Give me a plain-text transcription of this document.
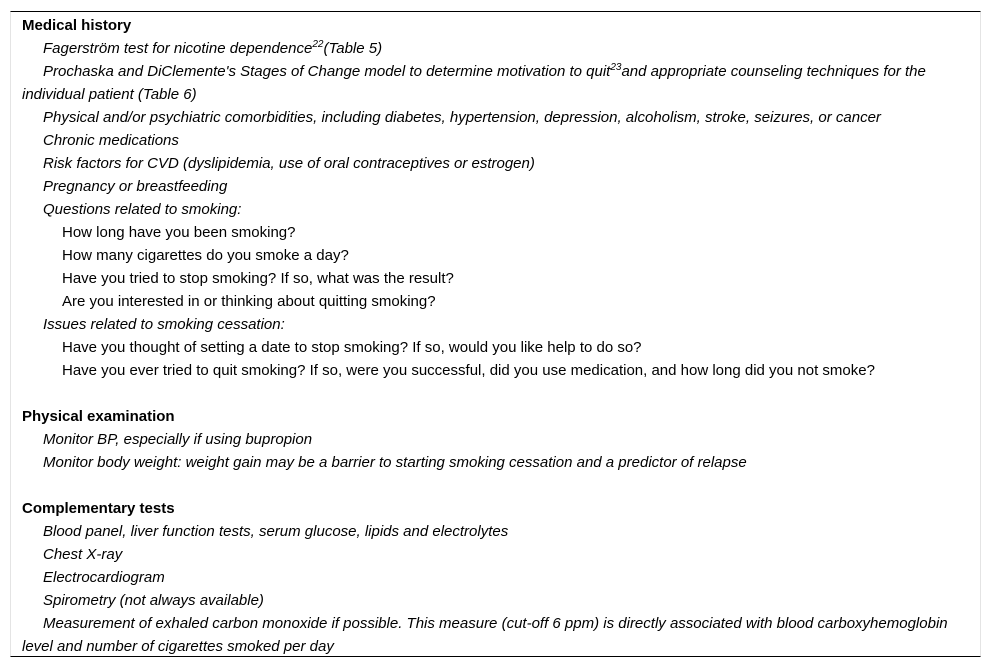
Medical history
Fagerström test for nicotine dependence$^{22}$(Table 5)
Prochaska and DiClemente's Stages of Change model to determine motivation to quit$^{23}$and appropriate counseling techniques for the individual patient (Table 6)
Physical and/or psychiatric comorbidities, including diabetes, hypertension, depression, alcoholism, stroke, seizures, or cancer
Chronic medications
Risk factors for CVD (dyslipidemia, use of oral contraceptives or estrogen)
Pregnancy or breastfeeding
Questions related to smoking:
How long have you been smoking?
How many cigarettes do you smoke a day?
Have you tried to stop smoking? If so, what was the result?
Are you interested in or thinking about quitting smoking?
Issues related to smoking cessation:
Have you thought of setting a date to stop smoking? If so, would you like help to do so?
Have you ever tried to quit smoking? If so, were you successful, did you use medication, and how long did you not smoke?
Physical examination
Monitor BP, especially if using bupropion
Monitor body weight: weight gain may be a barrier to starting smoking cessation and a predictor of relapse
Complementary tests
Blood panel, liver function tests, serum glucose, lipids and electrolytes
Chest X-ray
Electrocardiogram
Spirometry (not always available)
Measurement of exhaled carbon monoxide if possible. This measure (cut-off 6 ppm) is directly associated with blood carboxyhemoglobin level and number of cigarettes smoked per day
